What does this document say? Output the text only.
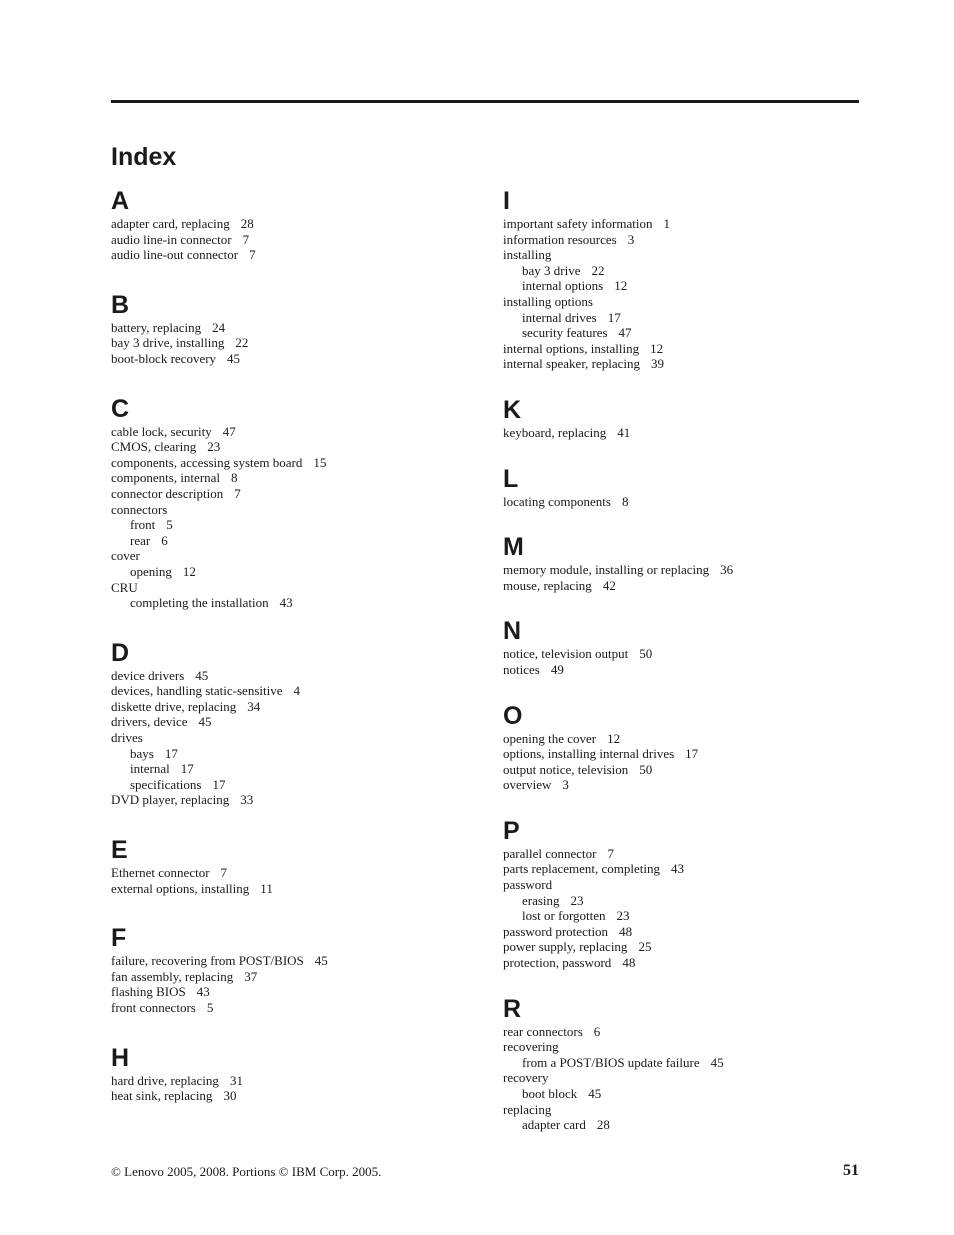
Index
A
adapter card, replacing 28
audio line-in connector 7
audio line-out connector 7
B
battery, replacing 24
bay 3 drive, installing 22
boot-block recovery 45
C
cable lock, security 47
CMOS, clearing 23
components, accessing system board 15
components, internal 8
connector description 7
connectors
front 5
rear 6
cover
opening 12
CRU
completing the installation 43
D
device drivers 45
devices, handling static-sensitive 4
diskette drive, replacing 34
drivers, device 45
drives
bays 17
internal 17
specifications 17
DVD player, replacing 33
E
Ethernet connector 7
external options, installing 11
F
failure, recovering from POST/BIOS 45
fan assembly, replacing 37
flashing BIOS 43
front connectors 5
H
hard drive, replacing 31
heat sink, replacing 30
I
important safety information 1
information resources 3
installing
bay 3 drive 22
internal options 12
installing options
internal drives 17
security features 47
internal options, installing 12
internal speaker, replacing 39
K
keyboard, replacing 41
L
locating components 8
M
memory module, installing or replacing 36
mouse, replacing 42
N
notice, television output 50
notices 49
O
opening the cover 12
options, installing internal drives 17
output notice, television 50
overview 3
P
parallel connector 7
parts replacement, completing 43
password
erasing 23
lost or forgotten 23
password protection 48
power supply, replacing 25
protection, password 48
R
rear connectors 6
recovering
from a POST/BIOS update failure 45
recovery
boot block 45
replacing
adapter card 28
© Lenovo 2005, 2008. Portions © IBM Corp. 2005.	51
